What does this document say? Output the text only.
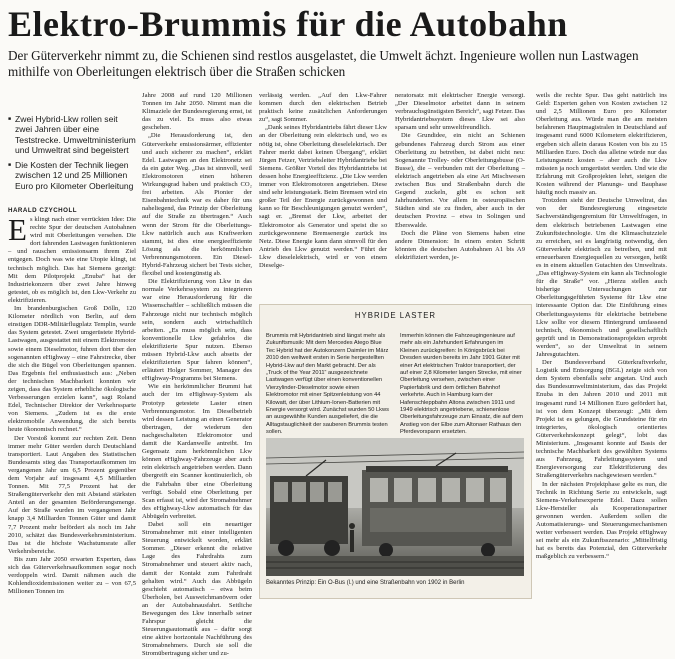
Elektro-Brummis für die Autobahn

Der Güterverkehr nimmt zu, die Schienen sind restlos ausgelastet, die Umwelt ächzt. Ingenieure wollen nun Lastwagen mithilfe von Oberleitungen elektrisch über die Straßen schicken

■ Zwei Hybrid-Lkw rollen seit zwei Jahren über eine Teststrecke. Umweltministerium und Umweltrat sind begeistert
■ Die Kosten der Technik liegen zwischen 12 und 25 Millionen Euro pro Kilometer Oberleitung
HARALD CZYCHOLL

Es klingt nach einer verrückten Idee: Die rechte Spur der deutschen Autobahnen wird mit Oberleitungen versehen. Die dort fahrenden Lastwagen funktionieren – und rauschen emissionsarm ihrem Ziel entgegen. Doch was wie eine Utopie klingt, ist technisch möglich. Das hat Siemens gezeigt: Mit dem Pilotprojekt „Enubа“ hat der Industriekonzern über zwei Jahre hinweg getestet, ob es möglich ist, den Lkw-Verkehr zu elektrifizieren.

Im brandenburgischen Groß Dölln, 120 Kilometer nördlich von Berlin, auf dem einstigen DDR-Militärflugplatz Templin, wurde das System getestet. Zwei umgerüstete Hybrid-Lastwagen, ausgestattet mit einem Elektromotor sowie einem Dieselmotor, fuhren dort über den sogenannten eHighway – eine Fahrstrecke, über die sich die Bügel von Oberleitungen spannen. Das Ergebnis fiel enthusiastisch aus: „Neben der technischen Machbarkeit konnten wir zeigen, dass das System erhebliche ökologische Verbesserungen erzielen kann“, sagt Roland Edel, Technischer Direktor der Verkehrssparte von Siemens. „Zudem ist es die erste elektromobile Anwendung, die sich bereits heute ökonomisch rechnet.“

Der Vorstoß kommt zur rechten Zeit. Denn immer mehr Güter werden durch Deutschland transportiert. Laut Angaben des Statistischen Bundesamts stieg das Transportaufkommen im vergangenen Jahr um 6,5 Prozent gegenüber dem Vorjahr auf insgesamt 4,5 Milliarden Tonnen. Mit 77,5 Prozent hat der Straßengüterverkehr den mit Abstand stärksten Anteil an der gesamten Beförderungsmenge. Auf der Straße wurden im vergangenen Jahr knapp 3,4 Milliarden Tonnen Güter und damit 7,7 Prozent mehr befördert als noch im Jahr 2010, schätzt das Bundesverkehrsministerium. Das ist die höchste Wachstumsrate aller Verkehrsbereiche.

Bis zum Jahr 2050 erwarten Experten, dass sich das Güterverkehrsaufkommen sogar noch verdoppeln wird. Damit nähmen auch die Kohlendioxidemissionen weiter zu – von 67,5 Millionen Tonnen im

Jahre 2008 auf rund 120 Millionen Tonnen im Jahr 2050. Nimmt man die Klimaziele der Bundesregierung ernst, ist das zu viel. Es muss also etwas geschehen.

„Die Herausforderung ist, den Güterverkehr emissionsärmer, effizienter und auch sicherer zu machen“, erklärt Edel. Lastwagen an den Elektronetz sei da ein guter Weg. „Das ist sinnvoll, weil Elektromotoren einen höheren Wirkungsgrad haben und praktisch CO₂ frei arbeiten. Als Pionier der Eisenbahntechnik war es daher für uns naheliegend, das Prinzip der Oberleitung auf die Straße zu übertragen.“ Auch wenn der Strom für die Oberleitungs-Lkw natürlich auch aus Kraftwerken stammt, ist dies eine energieeffiziente Lösung als die herkömmlichen Verbrennungsmotoren. Ein Diesel-Hybrid-Fahrzeug sichert bei Tests sicher, flexibel und kostengünstig ab.

Die Elektrifizierung von Lkw in das normale Verkehrssystem zu integrieren war eine Herausforderung für die Wissenschaftler – schließlich müssen die Fahrzeuge nicht nur technisch möglich sein, sondern auch wirtschaftlich arbeiten. „Es muss möglich sein, dass konventionelle Lkw gefahrlos die elektrifizierte Spur nutzen. Ebenso müssen Hybrid-Lkw auch abseits der elektrifizierten Spur fahren können“, erläutert Holger Sommer, Manager des eHighway-Programms bei Siemens.

Wie ein herkömmlicher Brummi hat auch der im eHighway-System als Prototyp getestete Laster einen Verbrennungsmotor. Im Dieselbetrieb wird dessen Leistung an einen Generator übertragen, der wiederum den nachgeschalteten Elektromotor und damit die Kardanwelle antreibt. Im Gegensatz zum herkömmlichen Lkw können eHighway-Fahrzeuge aber auch rein elektrisch angetrieben werden. Dann übergreift ein Scanner kontinuierlich, ob die Fahrbahn über eine Oberleitung verfügt. Sobald eine Oberleitung per Scan erfasst ist, wird der Stromabnehmer des eHighway-Lkw automatisch für das Abbügeln verbreitet.

Dabei soll ein neuartiger Stromabnehmer mit einer intelligenten Steuerung entwickelt worden, erklärt Sommer. „Dieser erkennt die relative Lage des Fahrdrahts zum Stromabnehmer und steuert aktiv nach, damit der Kontakt zum Fahrdraht gehalten wird.“ Auch das Abbügeln geschieht automatisch – etwa beim Überholen, bei Ausweichmanövern oder an der Autobahnausfahrt. Seitliche Bewegungen des Lkw innerhalb seiner Fahrspur gleicht die Steuerungsautomatik aus – dafür sorgt eine aktive horizontale Nachführung des Stromabnehmers. Durch sie soll die Stromübertragung sicher und zu-

verlässig werden. „Auf den Lkw-Fahrer kommen durch den elektrischen Betrieb praktisch keine zusätzlichen Anforderungen zu“, sagt Sommer.

„Dank seines Hybridantriebs fährt dieser Lkw an der Oberleitung rein elektrisch und, wo es nötig ist, ohne Oberleitung dieselelektrisch. Der Fahrer merkt dabei keinen Übergang“, erklärt Jürgen Fetzer, Vertriebsleiter Hybridantriebe bei Siemens. Größter Vorteil des Hybridantriebs ist dessen hohe Energieeffizienz. „Die Lkw werden immer von Elektromotoren angetrieben. Diese sind sehr leistungsstark. Beim Bremsen wird ein großer Teil der Energie zurückgewonnen und kann so für Beschleunigungen genutzt werden“, sagt er. „Bremst der Lkw, arbeitet der Elektromotor als Generator und speist die so zurückgewonnene Bremsenergie zurück ins Netz. Diese Energie kann dann sinnvoll für den Antrieb des Lkw genutzt werden.“ Führt der Lkw dieselelektrisch, wird er von einem Dieselge-

neratorsatz mit elektrischer Energie versorgt. „Der Dieselmotor arbeitet dann in seinem verbrauchsgünstigsten Bereich“, sagt Fetzer. Das Hybridantriebssystem dieses Lkw sei also sparsam und sehr umweltfreundlich.

Die Grundidee, ein nicht an Schienen gebundenes Fahrzeug durch Strom aus einer Oberleitung zu betreiben, ist dabei nicht neu: Sogenannte Trolley- oder Oberleitungsbusse (O-Busse), die – verbunden mit der Oberleitung – elektrisch angetrieben als eine Art Mischwesen zwischen Bus und Straßenbahn durch die Gegend zuckeln, gibt es schon seit Jahrhunderten. Vor allem in osteuropäischen Städten sind sie zu finden, aber auch in der deutschen Provinz – etwa in Solingen und Eberswalde.

Doch die Pläne von Siemens haben eine andere Dimension: In einem ersten Schritt könnten die deutschen Autobahnen A1 bis A9 elektrifiziert werden, je-

weils die rechte Spur. Das geht natürlich ins Geld: Experten gehen von Kosten zwischen 12 und 2,5 Millionen Euro pro Kilometer Oberleitung aus. Würde man die am meisten befahrenen Hauptmagistralen in Deutschland auf insgesamt rund 6000 Kilometern elektrifizieren, ergeben sich allein daraus Kosten von bis zu 15 Milliarden Euro. Doch das alleine würde nur das Leistungsnetz kosten – aber auch die Lkw müssten ja noch umgerüstet werden. Und wie die Erfahrung mit Großprojekten lehrt, steigen die Kosten während der Planungs- und Bauphase häufig noch massiv an.

Trotzdem sieht der Deutsche Umweltrat, das von der Bundesregierung eingesetzte Sachverständigengremium für Umweltfragen, in dem elektrisch betriebenen Lastwagen eine Zukunftstechnologie. Um die Klimaschutzziele zu erreichen, sei es langfristig notwendig, den Güterverkehr elektrisch zu betreiben, und mit erneuerbaren Energiequellen zu versorgen, heißt es in einem aktuellen Gutachten des Umweltrats. „Das eHighway-System ein kann als Technologie für die Straße“ vor. „Hierzu stellen auch bisherige Untersuchungen zur Oberleitungsgeführten Systeme für Lkw eine interessante Option dar. Die Einführung eines Oberleitungssystems für elektrische betriebene Lkw sollte vor diesem Hintergrund umfassend technisch, ökonomisch und gesellschaftlich geprüft und in Demonstrationsprojekten erprobt werden“, so der Umweltrat in seinem Jahresgutachten.

Der Bundesverband Güterkraftverkehr, Logistik und Entsorgung (BGL) zeigte sich von dem System ebenfalls sehr angetan. Und auch das Bundesumweltministerium, das das Projekt Enubа in den Jahren 2010 und 2011 mit insgesamt rund 14 Millionen Euro gefördert hat, ist von dem Konzept überzeugt: „Mit dem Projekt ist es gelungen, die Grundsteine für ein integriertes, ökologisch orientiertes Güterverkehrskonzept gelegt“, lobt das Ministerium. „Insgesamt konnte auf Basis der technische Machbarkeit des gewählten Systems aus Fahrzeug, Fahrleitungssystem und Energieversorgung zur Elektrifizierung des Straßengüterverkehrs nachgewiesen werden.“

In der nächsten Projektphase gelte es nun, die Technik in Richtung Serie zu entwickeln, sagt Siemens-Verkehrsexperte Edel. Dazu sollen Lkw-Hersteller als Kooperationspartner gewonnen werden. Außerdem sollen die Automatisierungs- und Steuerungsmechanismen weiter verbessert werden. Das Projekt eHighway sei mehr als ein Zukunftsszenario: „Mittelfristig hat es bereits das Potenzial, den Güterverkehr maßgeblich zu verbessern.“

HYBRIDE LASTER

Brummis mit Hybridantrieb sind längst mehr als Zukunftsmusik: Mit dem Mercedes Atego Blue Tec Hybrid hat der Autokonzern Daimler im März 2010 den weltweit ersten in Serie hergestellten Hybrid-Lkw auf den Markt gebracht. Der als „Truck of the Year 2011“ ausgezeichnete Lastwagen verfügt über einen konventionellen Vierzylinder-Dieselmotor sowie einen Elektromotor mit einer Spitzenleistung von 44 Kilowatt, der über Lithium-Ionen-Batterien mit Energie versorgt wird. Zunächst wurden 50 Lkws an ausgewählte Kunden ausgeliefert, die die Alltagstauglichkeit der sauberen Brummis testen sollen.

Immerhin können die Fahrzeugingenieure auf mehr als ein Jahrhundert Erfahrungen im Kleinen zurückgreifen: In Königsbrück bei Dresden wurden bereits im Jahr 1901 Güter mit einer Art elektrischen Traktor transportiert, der auf einer 2,8 Kilometer langen Strecke, mit einer Oberleitung versehen, zwischen einer Papierfabrik und dem örtlichen Bahnhof verkehrte. Auch in Hamburg kam der Hafenschleppbahn Altona zwischen 1911 und 1949 elektrisch angetriebene, schienenlose Oberleitungsfahrzeuge zum Einsatz, die auf dem Anstieg von der Elbe zum Altonaer Rathaus den Pferdevorspann ersetzten.

Bekanntes Prinzip: Ein O-Bus (l.) und eine Straßenbahn von 1902 in Berlin
